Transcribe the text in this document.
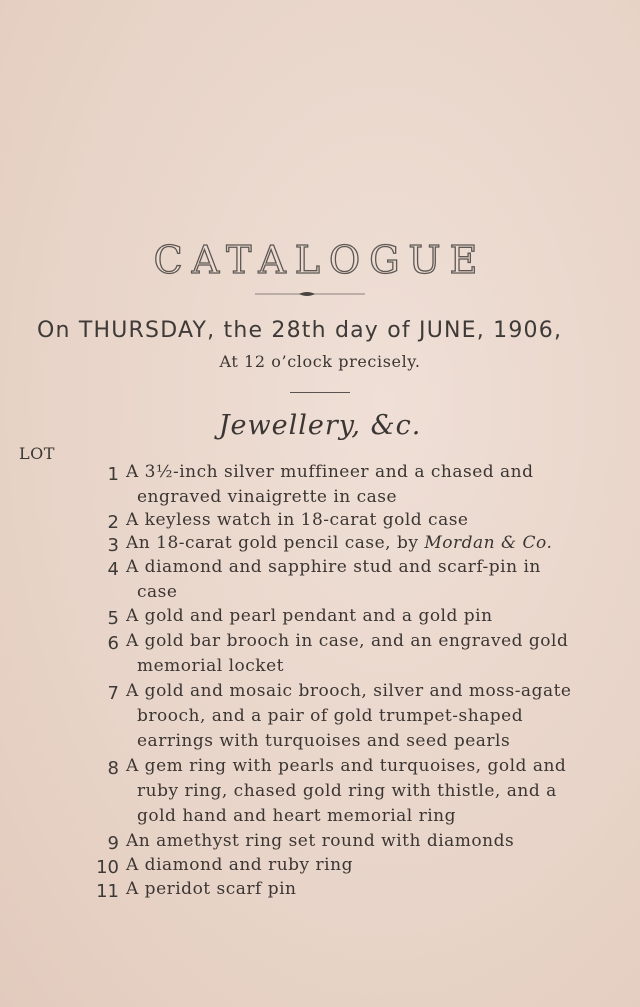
CATALOGUE
On THURSDAY, the 28th day of JUNE, 1906,
At 12 o’clock precisely.
Jewellery, &c.
LOT
1 A 3½-inch silver muffineer and a chased and
engraved vinaigrette in case
2 A keyless watch in 18-carat gold case
3 An 18-carat gold pencil case, by Mordan & Co.
4 A diamond and sapphire stud and scarf-pin in
case
5 A gold and pearl pendant and a gold pin
6 A gold bar brooch in case, and an engraved gold
memorial locket
7 A gold and mosaic brooch, silver and moss-agate
brooch, and a pair of gold trumpet-shaped
earrings with turquoises and seed pearls
8 A gem ring with pearls and turquoises, gold and
ruby ring, chased gold ring with thistle, and a
gold hand and heart memorial ring
9 An amethyst ring set round with diamonds
10 A diamond and ruby ring
11 A peridot scarf pin
